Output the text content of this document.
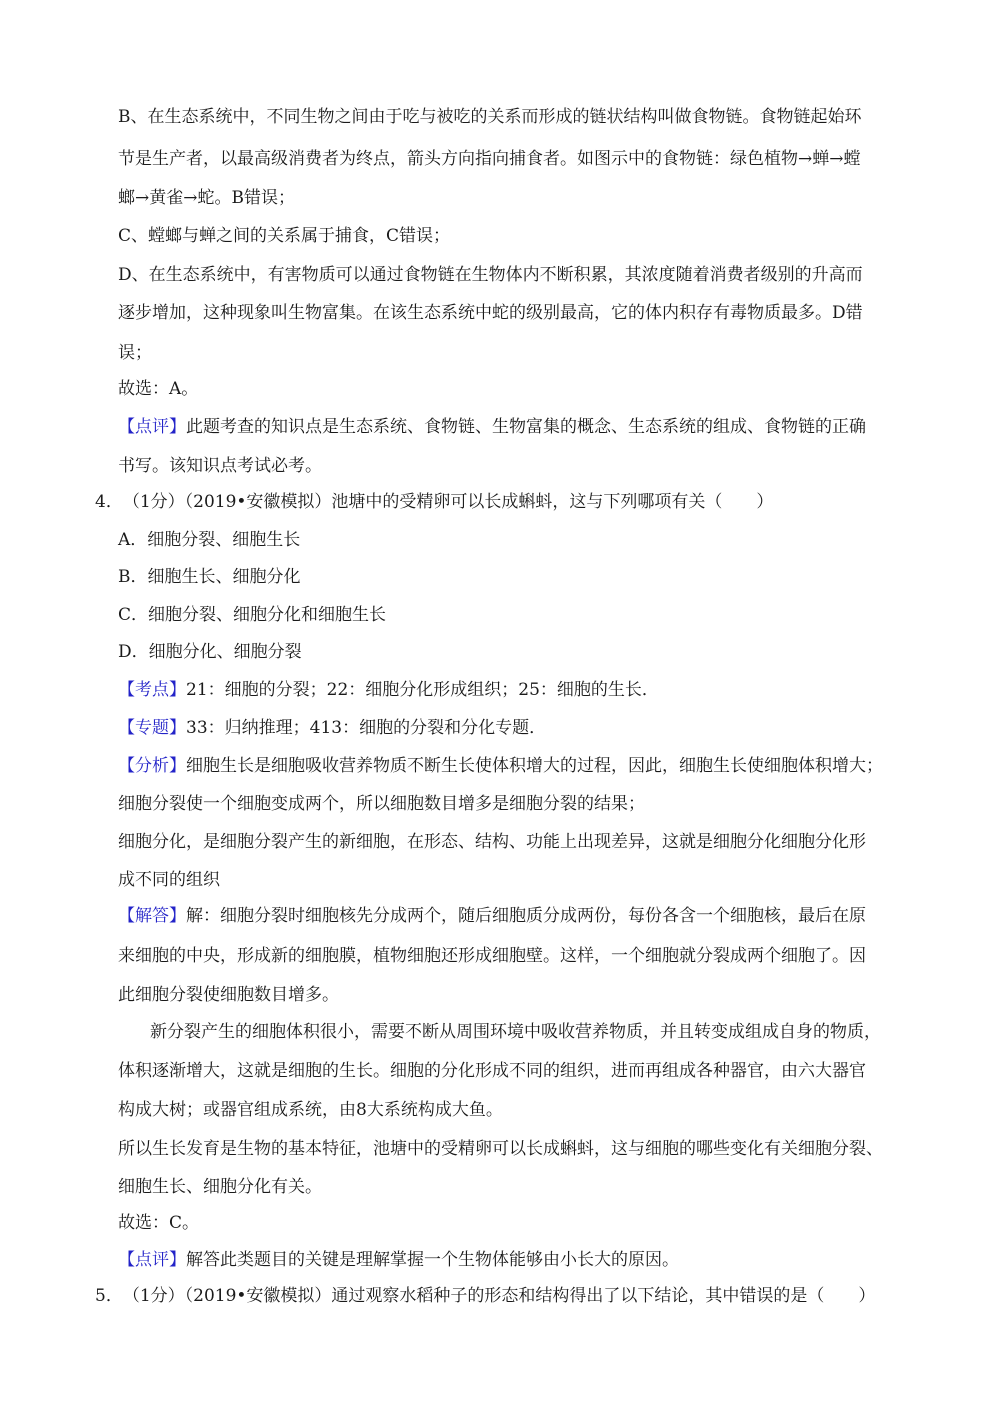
B、在生态系统中，不同生物之间由于吃与被吃的关系而形成的链状结构叫做食物链。食物链起始环
节是生产者，以最高级消费者为终点，箭头方向指向捕食者。如图示中的食物链：绿色植物→蝉→螳
螂→黄雀→蛇。B错误；
C、螳螂与蝉之间的关系属于捕食，C错误；
D、在生态系统中，有害物质可以通过食物链在生物体内不断积累，其浓度随着消费者级别的升高而
逐步增加，这种现象叫生物富集。在该生态系统中蛇的级别最高，它的体内积存有毒物质最多。D错
误；
故选：A。
【点评】此题考查的知识点是生态系统、食物链、生物富集的概念、生态系统的组成、食物链的正确
书写。该知识点考试必考。
4．（1分）（2019•安徽模拟）池塘中的受精卵可以长成蝌蚪，这与下列哪项有关（　　）
A．细胞分裂、细胞生长
B．细胞生长、细胞分化
C．细胞分裂、细胞分化和细胞生长
D．细胞分化、细胞分裂
【考点】21：细胞的分裂；22：细胞分化形成组织；25：细胞的生长．
【专题】33：归纳推理；413：细胞的分裂和分化专题．
【分析】细胞生长是细胞吸收营养物质不断生长使体积增大的过程，因此，细胞生长使细胞体积增大；
细胞分裂使一个细胞变成两个，所以细胞数目增多是细胞分裂的结果；
细胞分化，是细胞分裂产生的新细胞，在形态、结构、功能上出现差异，这就是细胞分化细胞分化形
成不同的组织
【解答】解：细胞分裂时细胞核先分成两个，随后细胞质分成两份，每份各含一个细胞核，最后在原
来细胞的中央，形成新的细胞膜，植物细胞还形成细胞壁。这样，一个细胞就分裂成两个细胞了。因
此细胞分裂使细胞数目增多。
新分裂产生的细胞体积很小，需要不断从周围环境中吸收营养物质，并且转变成组成自身的物质，
体积逐渐增大，这就是细胞的生长。细胞的分化形成不同的组织，进而再组成各种器官，由六大器官
构成大树；或器官组成系统，由8大系统构成大鱼。
所以生长发育是生物的基本特征，池塘中的受精卵可以长成蝌蚪，这与细胞的哪些变化有关细胞分裂、
细胞生长、细胞分化有关。
故选：C。
【点评】解答此类题目的关键是理解掌握一个生物体能够由小长大的原因。
5．（1分）（2019•安徽模拟）通过观察水稻种子的形态和结构得出了以下结论，其中错误的是（　　）
